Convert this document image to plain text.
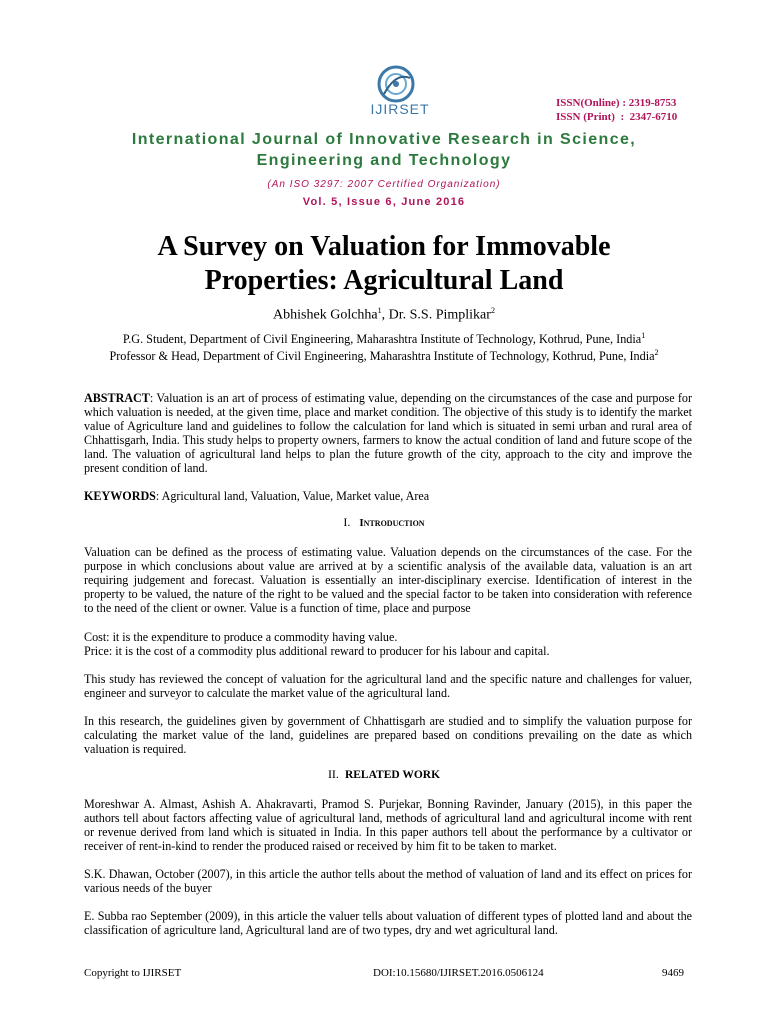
IJIRSET	ISSN(Online) : 2319-8753
ISSN (Print)  :  2347-6710
International Journal of Innovative Research in Science,
Engineering and Technology
(An ISO 3297: 2007 Certified Organization)
Vol. 5, Issue 6, June 2016
A Survey on Valuation for Immovable
Properties: Agricultural Land
Abhishek Golchha$^1$, Dr. S.S. Pimplikar$^2$
P.G. Student, Department of Civil Engineering, Maharashtra Institute of Technology, Kothrud, Pune, India$^1$
Professor & Head, Department of Civil Engineering, Maharashtra Institute of Technology, Kothrud, Pune, India$^2$
ABSTRACT: Valuation is an art of process of estimating value, depending on the circumstances of the case and purpose for which valuation is needed, at the given time, place and market condition. The objective of this study is to identify the market value of Agriculture land and guidelines to follow the calculation for land which is situated in semi urban and rural area of Chhattisgarh, India. This study helps to property owners, farmers to know the actual condition of land and future scope of the land. The valuation of agricultural land helps to plan the future growth of the city, approach to the city and improve the present condition of land.
KEYWORDS: Agricultural land, Valuation, Value, Market value, Area
I. Introduction
Valuation can be defined as the process of estimating value. Valuation depends on the circumstances of the case. For the purpose in which conclusions about value are arrived at by a scientific analysis of the available data, valuation is an art requiring judgement and forecast. Valuation is essentially an inter-disciplinary exercise. Identification of interest in the property to be valued, the nature of the right to be valued and the special factor to be taken into consideration with reference to the need of the client or owner. Value is a function of time, place and purpose
Cost: it is the expenditure to produce a commodity having value.
Price: it is the cost of a commodity plus additional reward to producer for his labour and capital.
This study has reviewed the concept of valuation for the agricultural land and the specific nature and challenges for valuer, engineer and surveyor to calculate the market value of the agricultural land.
In this research, the guidelines given by government of Chhattisgarh are studied and to simplify the valuation purpose for calculating the market value of the land, guidelines are prepared based on conditions prevailing on the date as which valuation is required.
II. RELATED WORK
Moreshwar A. Almast, Ashish A. Ahakravarti, Pramod S. Purjekar, Bonning Ravinder, January (2015), in this paper the authors tell about factors affecting value of agricultural land, methods of agricultural land and agricultural income with rent or revenue derived from land which is situated in India. In this paper authors tell about the performance by a cultivator or receiver of rent-in-kind to render the produced raised or received by him fit to be taken to market.
S.K. Dhawan, October (2007), in this article the author tells about the method of valuation of land and its effect on prices for various needs of the buyer
E. Subba rao September (2009), in this article the valuer tells about valuation of different types of plotted land and about the classification of agriculture land, Agricultural land are of two types, dry and wet agricultural land.
Copyright to IJIRSET	DOI:10.15680/IJIRSET.2016.0506124	9469
